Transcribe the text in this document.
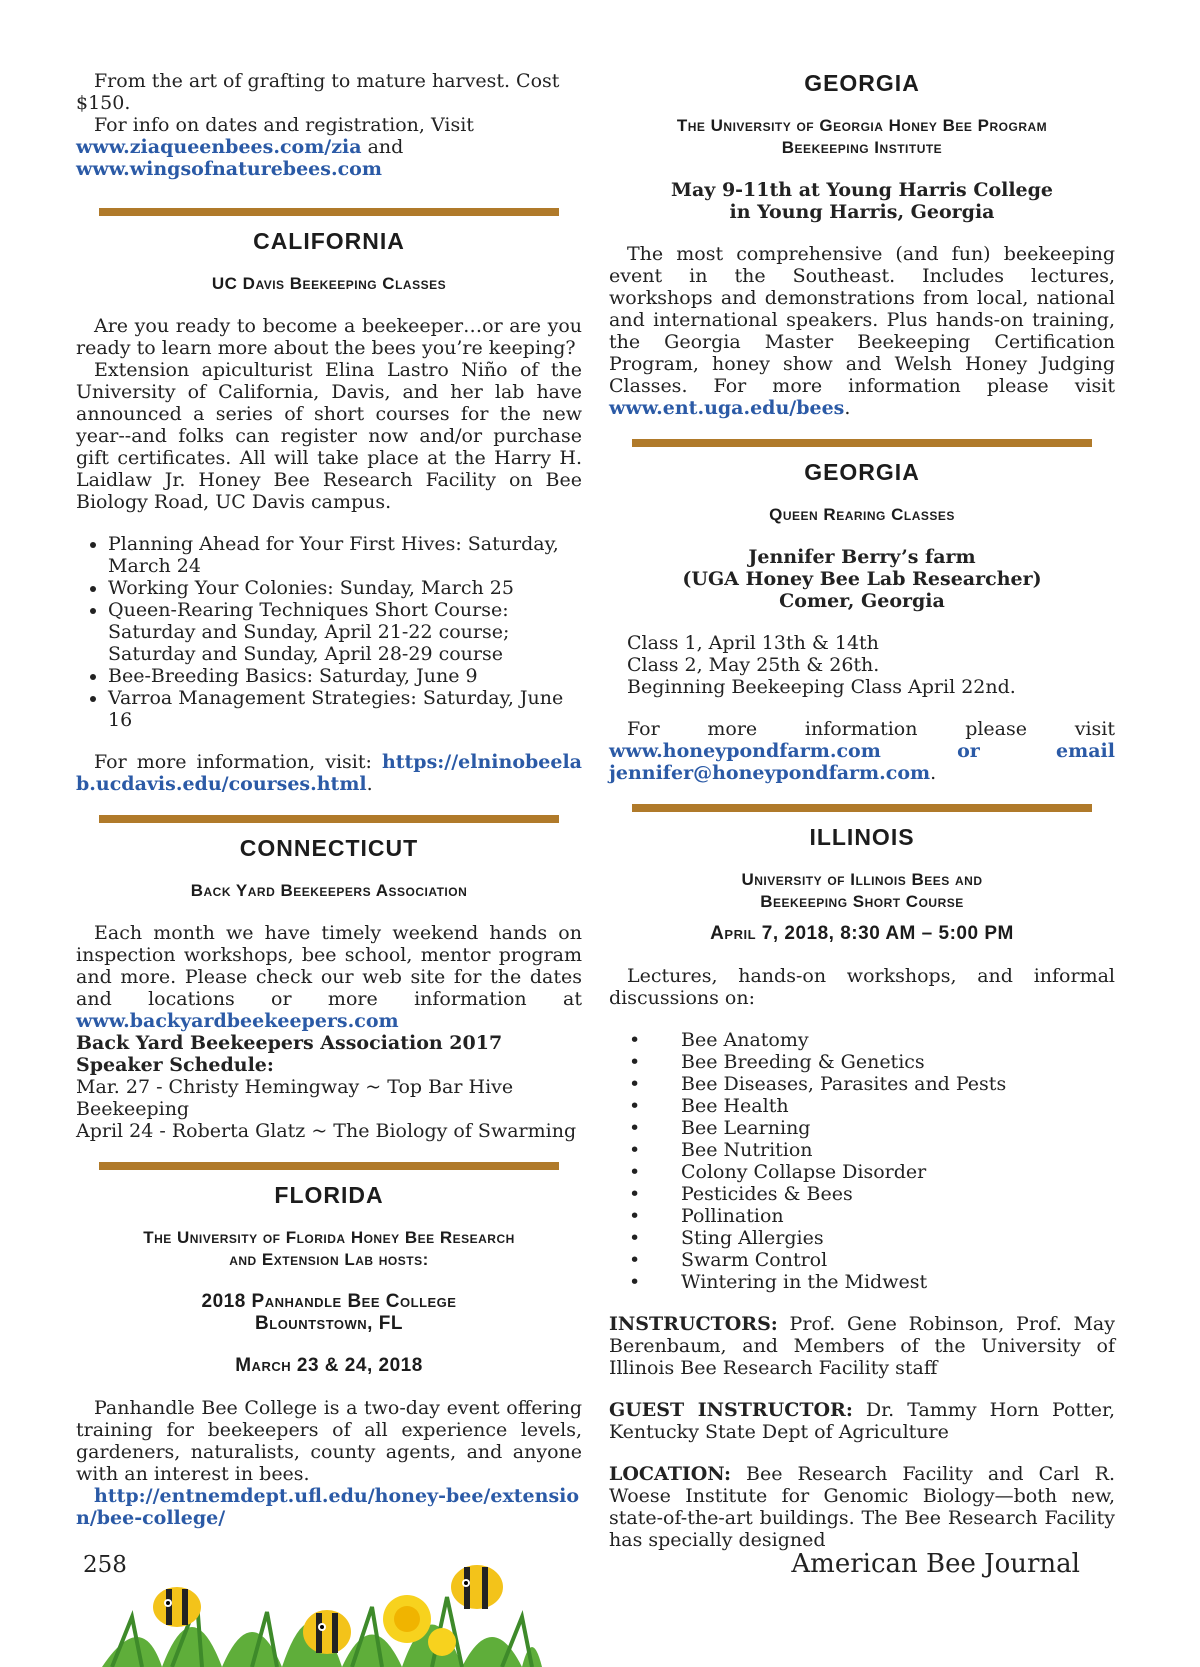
From the art of grafting to mature harvest. Cost $150.

For info on dates and registration, Visit www.ziaqueenbees.com/zia and www.wingsofnaturebees.com

CALIFORNIA
UC Davis Beekeeping Classes

Are you ready to become a beekeeper…or are you ready to learn more about the bees you’re keeping?

Extension apiculturist Elina Lastro Niño of the University of California, Davis, and her lab have announced a series of short courses for the new year--and folks can register now and/or purchase gift certificates. All will take place at the Harry H. Laidlaw Jr. Honey Bee Research Facility on Bee Biology Road, UC Davis campus.

• Planning Ahead for Your First Hives: Saturday, March 24
• Working Your Colonies: Sunday, March 25
• Queen-Rearing Techniques Short Course: Saturday and Sunday, April 21-22 course; Saturday and Sunday, April 28-29 course
• Bee-Breeding Basics: Saturday, June 9
• Varroa Management Strategies: Saturday, June 16

For more information, visit: https://elninobeelab.ucdavis.edu/courses.html.

CONNECTICUT
Back Yard Beekeepers Association

Each month we have timely weekend hands on inspection workshops, bee school, mentor program and more. Please check our web site for the dates and locations or more information at www.backyardbeekeepers.com

Back Yard Beekeepers Association 2017 Speaker Schedule:

Mar. 27 - Christy Hemingway ~ Top Bar Hive Beekeeping

April 24 - Roberta Glatz ~ The Biology of Swarming

FLORIDA
The University of Florida Honey Bee Research
and Extension Lab hosts:
2018 Panhandle Bee College
Blountstown, FL
March 23 & 24, 2018

Panhandle Bee College is a two-day event offering training for beekeepers of all experience levels, gardeners, naturalists, county agents, and anyone with an interest in bees.

http://entnemdept.ufl.edu/honey-bee/extension/bee-college/

GEORGIA
The University of Georgia Honey Bee Program
Beekeeping Institute
May 9-11th at Young Harris College
in Young Harris, Georgia

The most comprehensive (and fun) beekeeping event in the Southeast. Includes lectures, workshops and demonstrations from local, national and international speakers. Plus hands-on training, the Georgia Master Beekeeping Certification Program, honey show and Welsh Honey Judging Classes. For more information please visit www.ent.uga.edu/bees.

GEORGIA
Queen Rearing Classes
Jennifer Berry’s farm
(UGA Honey Bee Lab Researcher)
Comer, Georgia

Class 1, April 13th & 14th

Class 2, May 25th & 26th.

Beginning Beekeeping Class April 22nd.

For more information please visit www.honeypondfarm.com or email jennifer@honeypondfarm.com.

ILLINOIS
University of Illinois Bees and
Beekeeping Short Course
April 7, 2018, 8:30 AM – 5:00 PM

Lectures, hands-on workshops, and informal discussions on:

• Bee Anatomy
• Bee Breeding & Genetics
• Bee Diseases, Parasites and Pests
• Bee Health
• Bee Learning
• Bee Nutrition
• Colony Collapse Disorder
• Pesticides & Bees
• Pollination
• Sting Allergies
• Swarm Control
• Wintering in the Midwest

INSTRUCTORS: Prof. Gene Robinson, Prof. May Berenbaum, and Members of the University of Illinois Bee Research Facility staff

GUEST INSTRUCTOR: Dr. Tammy Horn Potter, Kentucky State Dept of Agriculture

LOCATION: Bee Research Facility and Carl R. Woese Institute for Genomic Biology—both new, state-of-the-art buildings. The Bee Research Facility has specially designed

258	American Bee Journal
